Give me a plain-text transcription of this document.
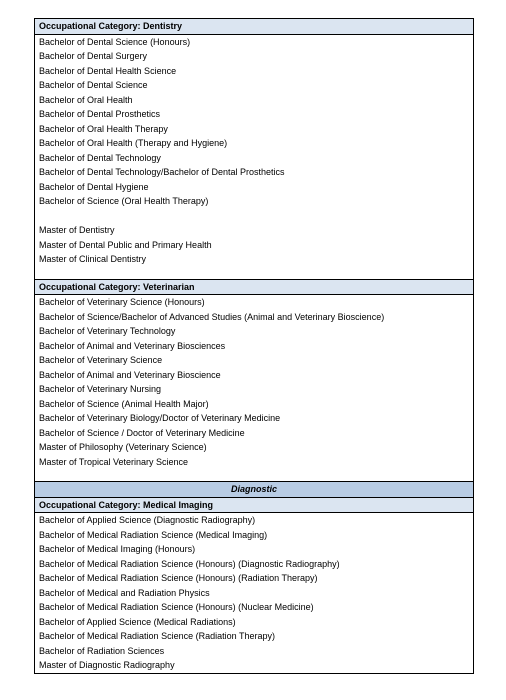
Occupational Category: Dentistry
Bachelor of Dental Science (Honours)
Bachelor of Dental Surgery
Bachelor of Dental Health Science
Bachelor of Dental Science
Bachelor of Oral Health
Bachelor of Dental Prosthetics
Bachelor of Oral Health Therapy
Bachelor of Oral Health (Therapy and Hygiene)
Bachelor of Dental Technology
Bachelor of Dental Technology/Bachelor of Dental Prosthetics
Bachelor of Dental Hygiene
Bachelor of Science (Oral Health Therapy)
Master of Dentistry
Master of Dental Public and Primary Health
Master of Clinical Dentistry
Occupational Category: Veterinarian
Bachelor of Veterinary Science (Honours)
Bachelor of Science/Bachelor of Advanced Studies (Animal and Veterinary Bioscience)
Bachelor of Veterinary Technology
Bachelor of Animal and Veterinary Biosciences
Bachelor of Veterinary Science
Bachelor of Animal and Veterinary Bioscience
Bachelor of Veterinary Nursing
Bachelor of Science (Animal Health Major)
Bachelor of Veterinary Biology/Doctor of Veterinary Medicine
Bachelor of Science / Doctor of Veterinary Medicine
Master of Philosophy (Veterinary Science)
Master of Tropical Veterinary Science
Diagnostic
Occupational Category: Medical Imaging
Bachelor of Applied Science (Diagnostic Radiography)
Bachelor of Medical Radiation Science (Medical Imaging)
Bachelor of Medical Imaging (Honours)
Bachelor of Medical Radiation Science (Honours) (Diagnostic Radiography)
Bachelor of Medical Radiation Science (Honours) (Radiation Therapy)
Bachelor of Medical and Radiation Physics
Bachelor of Medical Radiation Science (Honours) (Nuclear Medicine)
Bachelor of Applied Science (Medical Radiations)
Bachelor of Medical Radiation Science (Radiation Therapy)
Bachelor of Radiation Sciences
Master of Diagnostic Radiography
